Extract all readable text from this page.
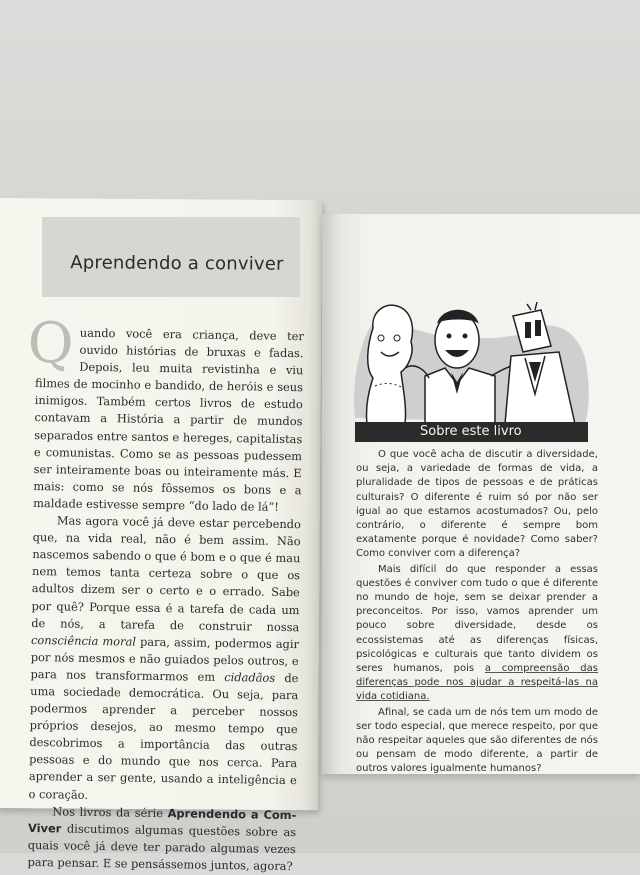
Aprendendo a conviver

Quando você era criança, deve ter ouvido histórias de bruxas e fadas. Depois, leu muita revistinha e viu filmes de mocinho e bandido, de heróis e seus inimigos. Também certos livros de estudo contavam a História a partir de mundos separados entre santos e hereges, capitalistas e comunistas. Como se as pessoas pudessem ser inteiramente boas ou inteiramente más. E mais: como se nós fôssemos os bons e a maldade estivesse sempre “do lado de lá”!

Mas agora você já deve estar percebendo que, na vida real, não é bem assim. Não nascemos sabendo o que é bom e o que é mau nem temos tanta certeza sobre o que os adultos dizem ser o certo e o errado. Sabe por quê? Porque essa é a tarefa de cada um de nós, a tarefa de construir nossa consciência moral para, assim, podermos agir por nós mesmos e não guiados pelos outros, e para nos transformarmos em cidadãos de uma sociedade democrática. Ou seja, para podermos aprender a perceber nossos próprios desejos, ao mesmo tempo que descobrimos a importância das outras pessoas e do mundo que nos cerca. Para aprender a ser gente, usando a inteligência e o coração.

Nos livros da série Aprendendo a Com-Viver discutimos algumas questões sobre as quais você já deve ter parado algumas vezes para pensar. E se pensássemos juntos, agora?

Sobre este livro

O que você acha de discutir a diversidade, ou seja, a variedade de formas de vida, a pluralidade de tipos de pessoas e de práticas culturais? O diferente é ruim só por não ser igual ao que estamos acostumados? Ou, pelo contrário, o diferente é sempre bom exatamente porque é novidade? Como saber? Como conviver com a diferença?

Mais difícil do que responder a essas questões é conviver com tudo o que é diferente no mundo de hoje, sem se deixar prender a preconceitos. Por isso, vamos aprender um pouco sobre diversidade, desde os ecossistemas até as diferenças físicas, psicológicas e culturais que tanto dividem os seres humanos, pois a compreensão das diferenças pode nos ajudar a respeitá-las na vida cotidiana.

Afinal, se cada um de nós tem um modo de ser todo especial, que merece respeito, por que não respeitar aqueles que são diferentes de nós ou pensam de modo diferente, a partir de outros valores igualmente humanos?
